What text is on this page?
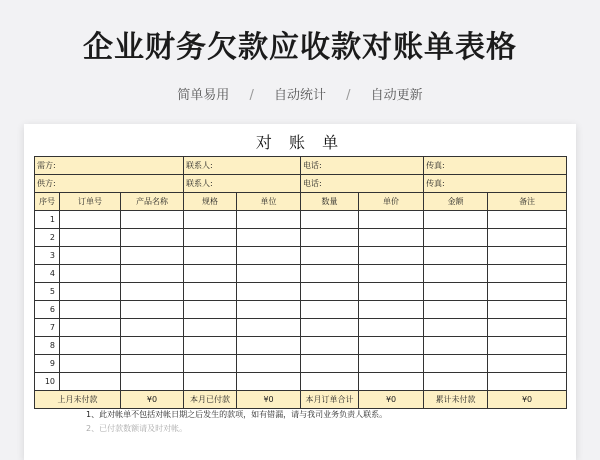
企业财务欠款应收款对账单表格
简单易用 / 自动统计 / 自动更新
对 账 单
需方:			联系人:		电话:		传真:	
供方:			联系人:		电话:		传真:	
序号	订单号	产品名称	规格	单位	数量	单价	金额	备注
1								
2								
3								
4								
5								
6								
7								
8								
9								
10								
上月未付款		¥0	本月已付款	¥0	本月订单合计	¥0	累计未付款	¥0
1、此对帐单不包括对帐日期之后发生的款项，如有错漏，请与我司业务负责人联系。
2、已付款数额请及时对帐。
